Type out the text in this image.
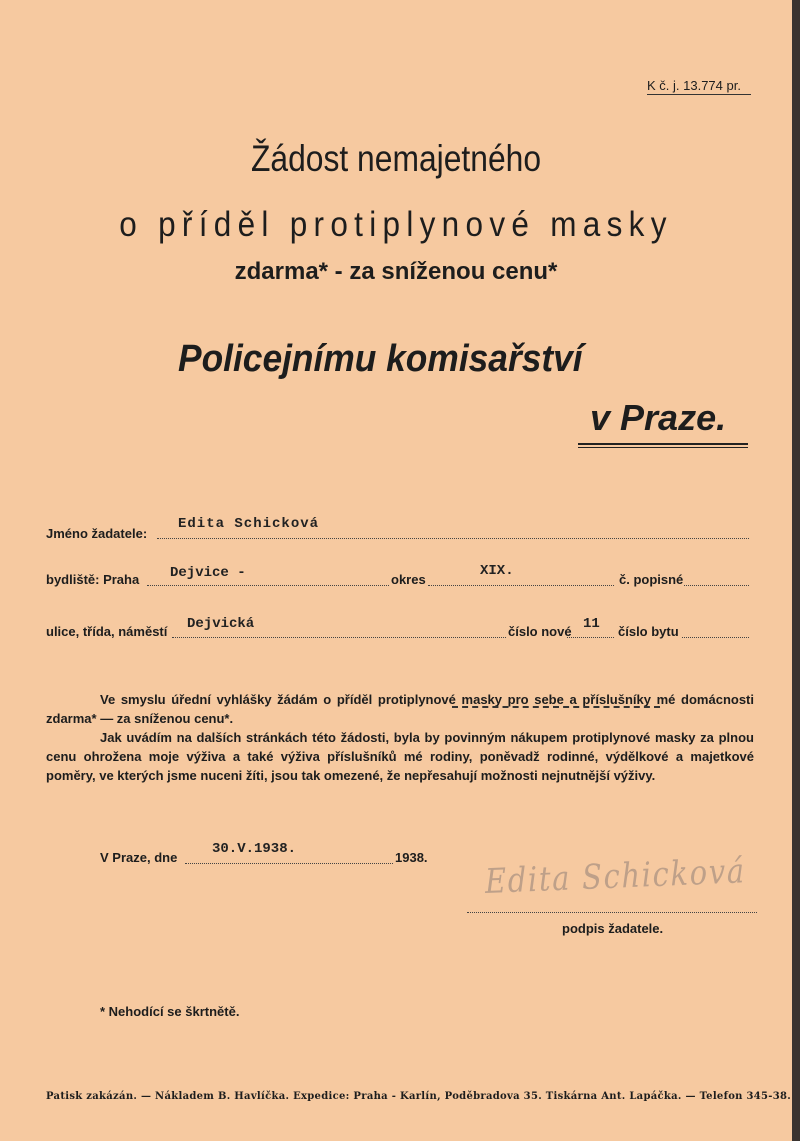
K č. j. 13.774 pr.
Žádost nemajetného
o příděl protiplynové masky
zdarma* - za sníženou cenu*
Policejnímu komisařství
v Praze.
Jméno žadatele:
Edita Schicková
bydliště: Praha Dejvice -	okres
XIX.
č. popisné
ulice, třída, náměstí Dejvická	číslo nové 11 číslo bytu

Ve smyslu úřední vyhlášky žádám o příděl protiplynové masky pro sebe a příslušníky mé domácnosti zdarma* — za sníženou cenu*.

Jak uvádím na dalších stránkách této žádosti, byla by povinným nákupem protiplynové masky za plnou cenu ohrožena moje výživa a také výživa příslušníků mé rodiny, poněvadž rodinné, výdělkové a majetkové poměry, ve kterých jsme nuceni žíti, jsou tak omezené, že nepřesahují možnosti nejnutnější výživy.

V Praze, dne
30.V.1938.
1938. Edita Schicková
podpis žadatele.
* Nehodící se škrtnětě.
Patisk zakázán. — Nákladem B. Havlíčka. Expedice: Praha - Karlín, Poděbradova 35. Tiskárna Ant. Lapáčka. — Telefon 345-38.
